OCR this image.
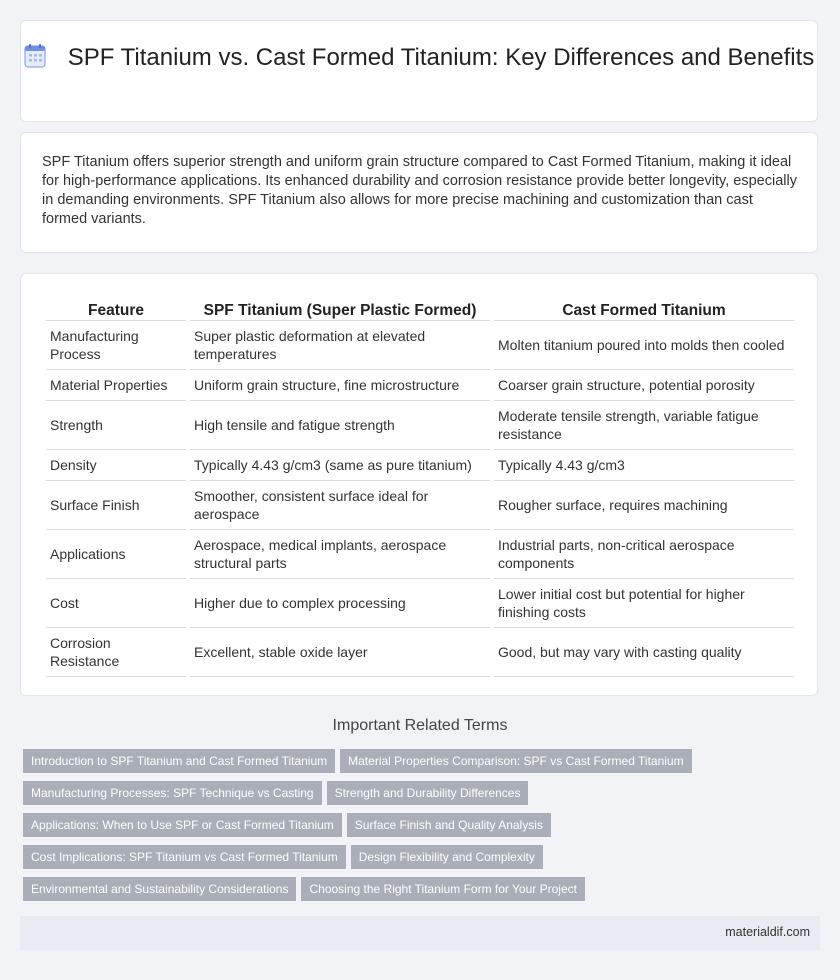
SPF Titanium vs. Cast Formed Titanium: Key Differences and Benefits
SPF Titanium offers superior strength and uniform grain structure compared to Cast Formed Titanium, making it ideal for high-performance applications. Its enhanced durability and corrosion resistance provide better longevity, especially in demanding environments. SPF Titanium also allows for more precise machining and customization than cast formed variants.
Feature	SPF Titanium (Super Plastic Formed)	Cast Formed Titanium
Manufacturing Process	Super plastic deformation at elevated temperatures	Molten titanium poured into molds then cooled
Material Properties	Uniform grain structure, fine microstructure	Coarser grain structure, potential porosity
Strength	High tensile and fatigue strength	Moderate tensile strength, variable fatigue resistance
Density	Typically 4.43 g/cm3 (same as pure titanium)	Typically 4.43 g/cm3
Surface Finish	Smoother, consistent surface ideal for aerospace	Rougher surface, requires machining
Applications	Aerospace, medical implants, aerospace structural parts	Industrial parts, non-critical aerospace components
Cost	Higher due to complex processing	Lower initial cost but potential for higher finishing costs
Corrosion Resistance	Excellent, stable oxide layer	Good, but may vary with casting quality
Important Related Terms
Introduction to SPF Titanium and Cast Formed Titanium Material Properties Comparison: SPF vs Cast Formed Titanium
Manufacturing Processes: SPF Technique vs Casting Strength and Durability Differences
Applications: When to Use SPF or Cast Formed Titanium Surface Finish and Quality Analysis
Cost Implications: SPF Titanium vs Cast Formed Titanium Design Flexibility and Complexity
Environmental and Sustainability Considerations Choosing the Right Titanium Form for Your Project
materialdif.com
